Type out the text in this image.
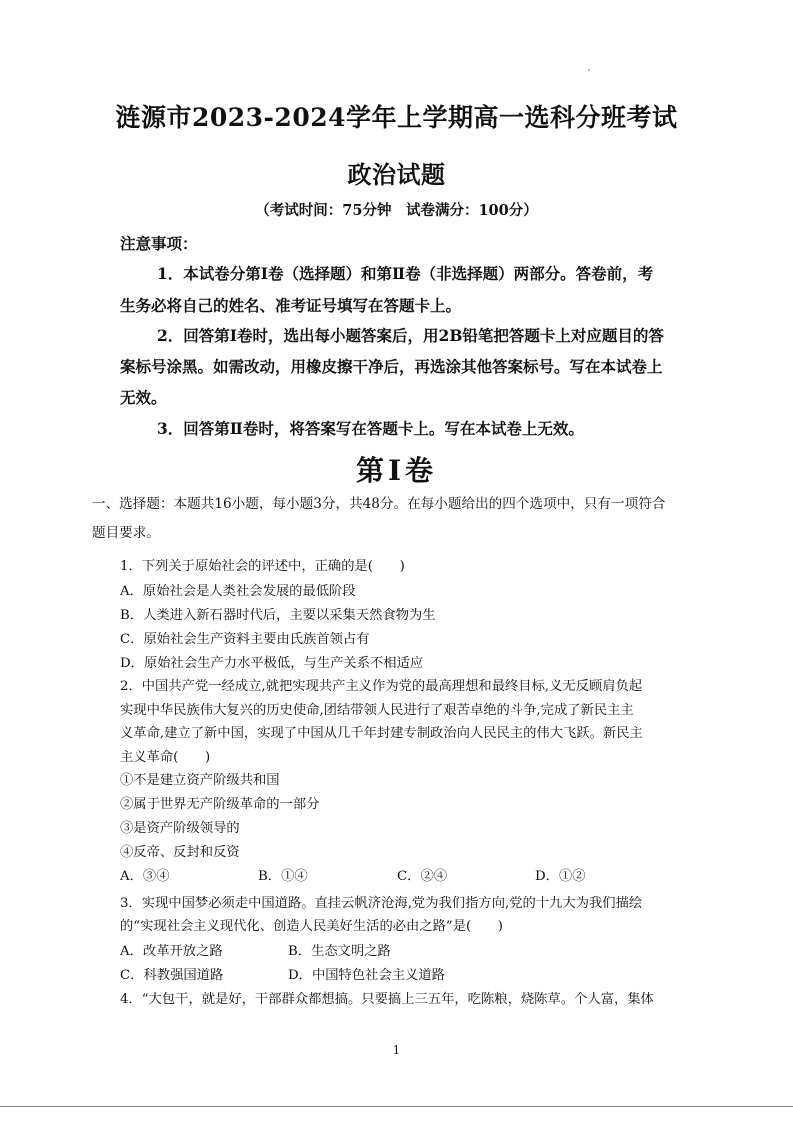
涟源市2023-2024学年上学期高一选科分班考试
政治试题
（考试时间：75分钟　试卷满分：100分）
注意事项：
1．本试卷分第Ⅰ卷（选择题）和第Ⅱ卷（非选择题）两部分。答卷前，考
生务必将自己的姓名、准考证号填写在答题卡上。
2．回答第Ⅰ卷时，选出每小题答案后，用2B铅笔把答题卡上对应题目的答
案标号涂黑。如需改动，用橡皮擦干净后，再选涂其他答案标号。写在本试卷上
无效。
3．回答第Ⅱ卷时，将答案写在答题卡上。写在本试卷上无效。
第Ⅰ卷
一、选择题：本题共16小题，每小题3分，共48分。在每小题给出的四个选项中，只有一项符合
题目要求。
1．下列关于原始社会的评述中，正确的是(　　)
A．原始社会是人类社会发展的最低阶段
B．人类进入新石器时代后，主要以采集天然食物为生
C．原始社会生产资料主要由氏族首领占有
D．原始社会生产力水平极低，与生产关系不相适应
2．中国共产党一经成立,就把实现共产主义作为党的最高理想和最终目标,义无反顾肩负起
实现中华民族伟大复兴的历史使命,团结带领人民进行了艰苦卓绝的斗争,完成了新民主主
义革命,建立了新中国，实现了中国从几千年封建专制政治向人民民主的伟大飞跃。新民主
主义革命(　　)
①不是建立资产阶级共和国
②属于世界无产阶级革命的一部分
③是资产阶级领导的
④反帝、反封和反资
A．③④	B．①④	C．②④	D．①②
3．实现中国梦必须走中国道路。直挂云帆济沧海,党为我们指方向,党的十九大为我们描绘
的“实现社会主义现代化、创造人民美好生活的必由之路”是(　　)
A．改革开放之路	B．生态文明之路
C．科教强国道路	D．中国特色社会主义道路
4．“大包干，就是好，干部群众都想搞。只要搞上三五年，吃陈粮，烧陈草。个人富，集体
1
